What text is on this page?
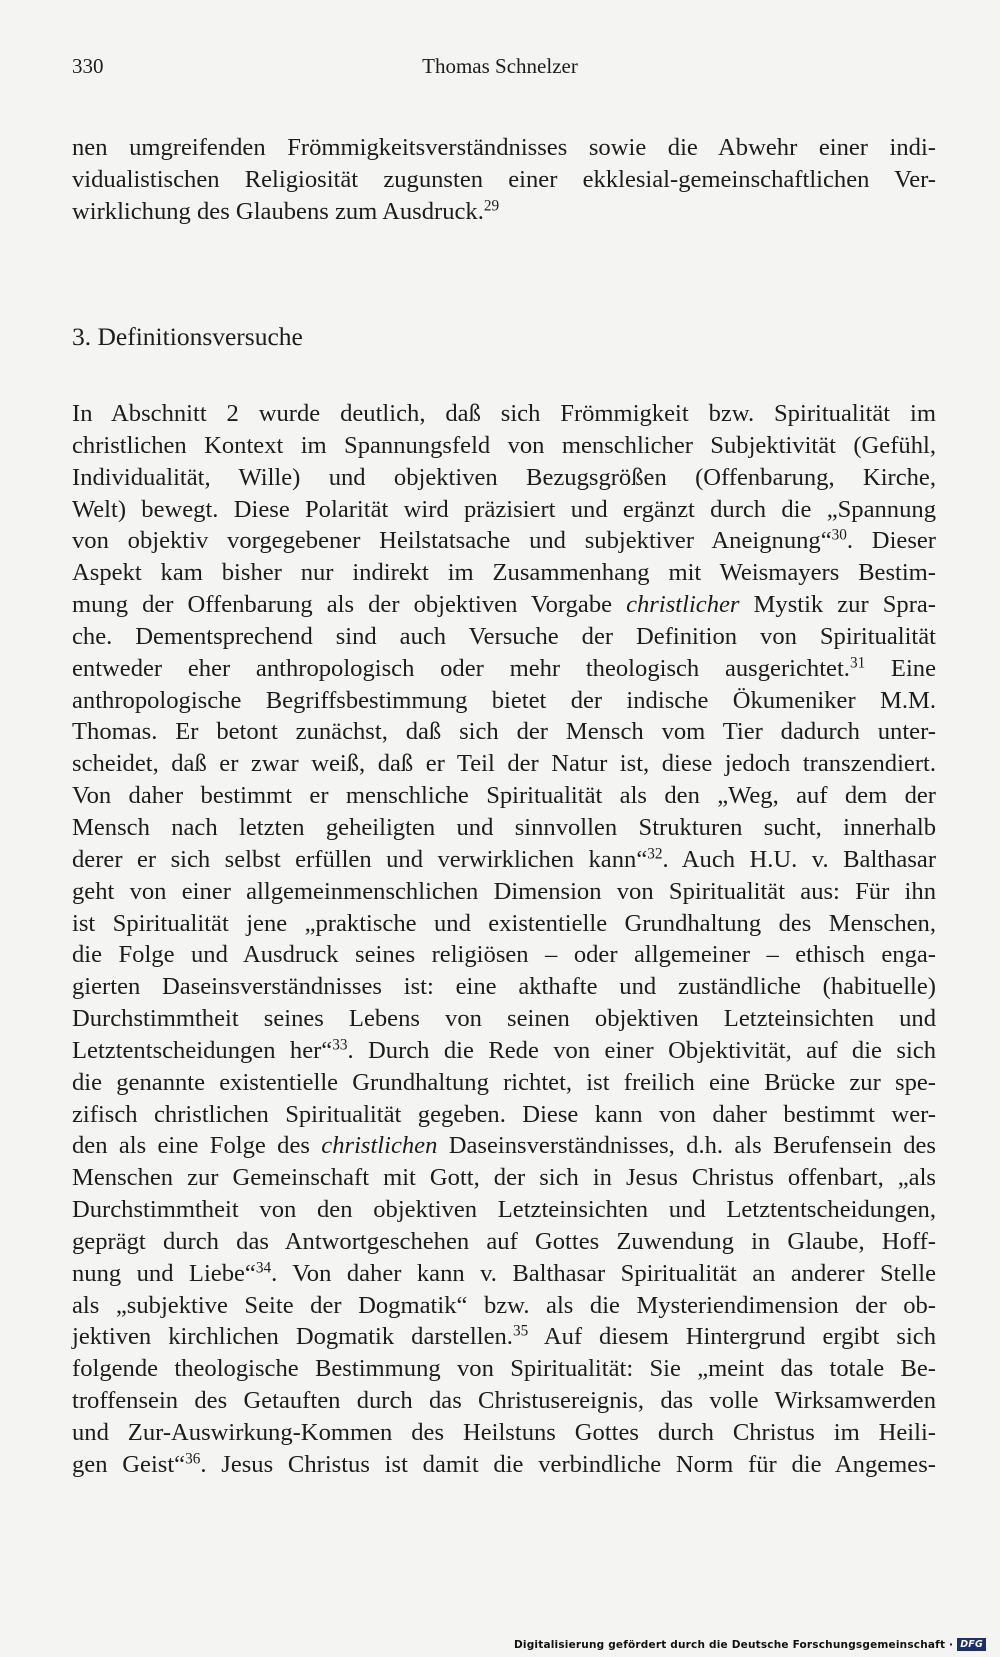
330	Thomas Schnelzer
nen umgreifenden Frömmigkeitsverständnisses sowie die Abwehr einer indi-
vidualistischen Religiosität zugunsten einer ekklesial-gemeinschaftlichen Ver-
wirklichung des Glaubens zum Ausdruck.$^{29}$
3. Definitionsversuche
In Abschnitt 2 wurde deutlich, daß sich Frömmigkeit bzw. Spiritualität im
christlichen Kontext im Spannungsfeld von menschlicher Subjektivität (Gefühl,
Individualität, Wille) und objektiven Bezugsgrößen (Offenbarung, Kirche,
Welt) bewegt. Diese Polarität wird präzisiert und ergänzt durch die „Spannung
von objektiv vorgegebener Heilstatsache und subjektiver Aneignung“$^{30}$. Dieser
Aspekt kam bisher nur indirekt im Zusammenhang mit Weismayers Bestim-
mung der Offenbarung als der objektiven Vorgabe christlicher Mystik zur Spra-
che. Dementsprechend sind auch Versuche der Definition von Spiritualität
entweder eher anthropologisch oder mehr theologisch ausgerichtet.$^{31}$ Eine
anthropologische Begriffsbestimmung bietet der indische Ökumeniker M.M.
Thomas. Er betont zunächst, daß sich der Mensch vom Tier dadurch unter-
scheidet, daß er zwar weiß, daß er Teil der Natur ist, diese jedoch transzendiert.
Von daher bestimmt er menschliche Spiritualität als den „Weg, auf dem der
Mensch nach letzten geheiligten und sinnvollen Strukturen sucht, innerhalb
derer er sich selbst erfüllen und verwirklichen kann“$^{32}$. Auch H.U. v. Balthasar
geht von einer allgemeinmenschlichen Dimension von Spiritualität aus: Für ihn
ist Spiritualität jene „praktische und existentielle Grundhaltung des Menschen,
die Folge und Ausdruck seines religiösen – oder allgemeiner – ethisch enga-
gierten Daseinsverständnisses ist: eine akthafte und zuständliche (habituelle)
Durchstimmtheit seines Lebens von seinen objektiven Letzteinsichten und
Letztentscheidungen her“$^{33}$. Durch die Rede von einer Objektivität, auf die sich
die genannte existentielle Grundhaltung richtet, ist freilich eine Brücke zur spe-
zifisch christlichen Spiritualität gegeben. Diese kann von daher bestimmt wer-
den als eine Folge des christlichen Daseinsverständnisses, d.h. als Berufensein des
Menschen zur Gemeinschaft mit Gott, der sich in Jesus Christus offenbart, „als
Durchstimmtheit von den objektiven Letzteinsichten und Letztentscheidungen,
geprägt durch das Antwortgeschehen auf Gottes Zuwendung in Glaube, Hoff-
nung und Liebe“$^{34}$. Von daher kann v. Balthasar Spiritualität an anderer Stelle
als „subjektive Seite der Dogmatik“ bzw. als die Mysteriendimension der ob-
jektiven kirchlichen Dogmatik darstellen.$^{35}$ Auf diesem Hintergrund ergibt sich
folgende theologische Bestimmung von Spiritualität: Sie „meint das totale Be-
troffensein des Getauften durch das Christusereignis, das volle Wirksamwerden
und Zur-Auswirkung-Kommen des Heilstuns Gottes durch Christus im Heili-
gen Geist“$^{36}$. Jesus Christus ist damit die verbindliche Norm für die Angemes-
Digitalisierung gefördert durch die Deutsche Forschungsgemeinschaft · DFG
